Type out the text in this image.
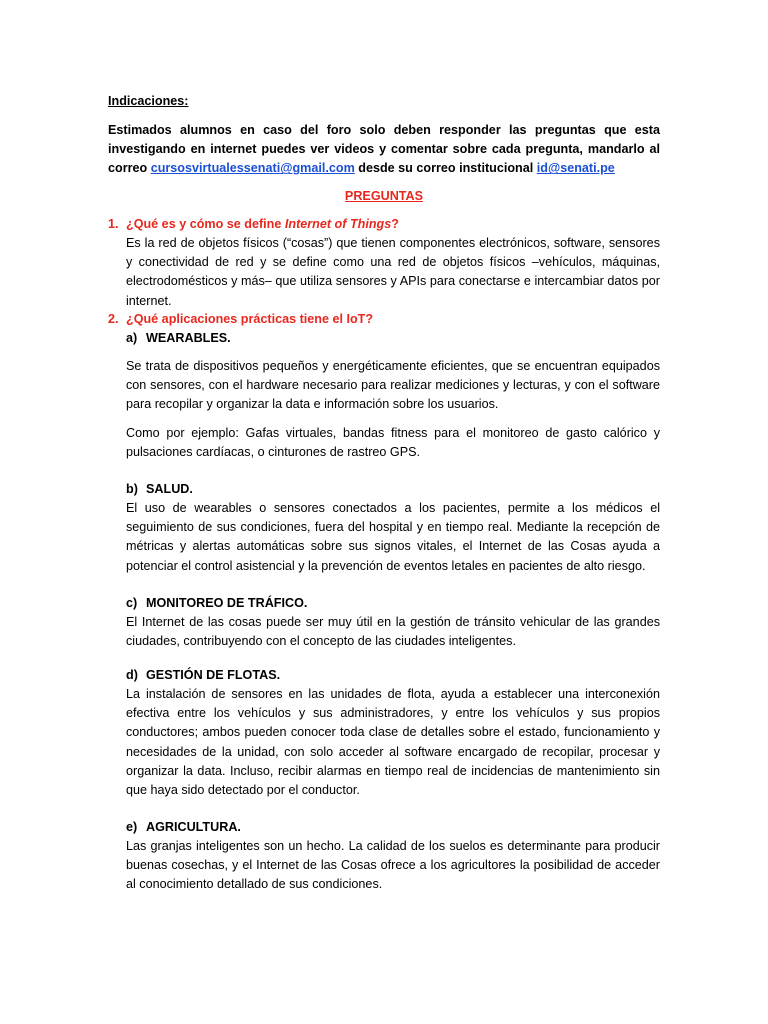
Indicaciones:
Estimados alumnos en caso del foro solo deben responder las preguntas que esta investigando en internet puedes ver videos y comentar sobre cada pregunta, mandarlo al correo cursosvirtualessenati@gmail.com desde su correo institucional id@senati.pe
PREGUNTAS
1. ¿Qué es y cómo se define Internet of Things?
Es la red de objetos físicos (“cosas”) que tienen componentes electrónicos, software, sensores y conectividad de red y se define como una red de objetos físicos –vehículos, máquinas, electrodomésticos y más– que utiliza sensores y APIs para conectarse e intercambiar datos por internet.
2. ¿Qué aplicaciones prácticas tiene el IoT?
a) WEARABLES.
Se trata de dispositivos pequeños y energéticamente eficientes, que se encuentran equipados con sensores, con el hardware necesario para realizar mediciones y lecturas, y con el software para recopilar y organizar la data e información sobre los usuarios.
Como por ejemplo: Gafas virtuales, bandas fitness para el monitoreo de gasto calórico y pulsaciones cardíacas, o cinturones de rastreo GPS.
b) SALUD.
El uso de wearables o sensores conectados a los pacientes, permite a los médicos el seguimiento de sus condiciones, fuera del hospital y en tiempo real. Mediante la recepción de métricas y alertas automáticas sobre sus signos vitales, el Internet de las Cosas ayuda a potenciar el control asistencial y la prevención de eventos letales en pacientes de alto riesgo.
c) MONITOREO DE TRÁFICO.
El Internet de las cosas puede ser muy útil en la gestión de tránsito vehicular de las grandes ciudades, contribuyendo con el concepto de las ciudades inteligentes.
d) GESTIÓN DE FLOTAS.
La instalación de sensores en las unidades de flota, ayuda a establecer una interconexión efectiva entre los vehículos y sus administradores, y entre los vehículos y sus propios conductores; ambos pueden conocer toda clase de detalles sobre el estado, funcionamiento y necesidades de la unidad, con solo acceder al software encargado de recopilar, procesar y organizar la data. Incluso, recibir alarmas en tiempo real de incidencias de mantenimiento sin que haya sido detectado por el conductor.
e) AGRICULTURA.
Las granjas inteligentes son un hecho. La calidad de los suelos es determinante para producir buenas cosechas, y el Internet de las Cosas ofrece a los agricultores la posibilidad de acceder al conocimiento detallado de sus condiciones.
